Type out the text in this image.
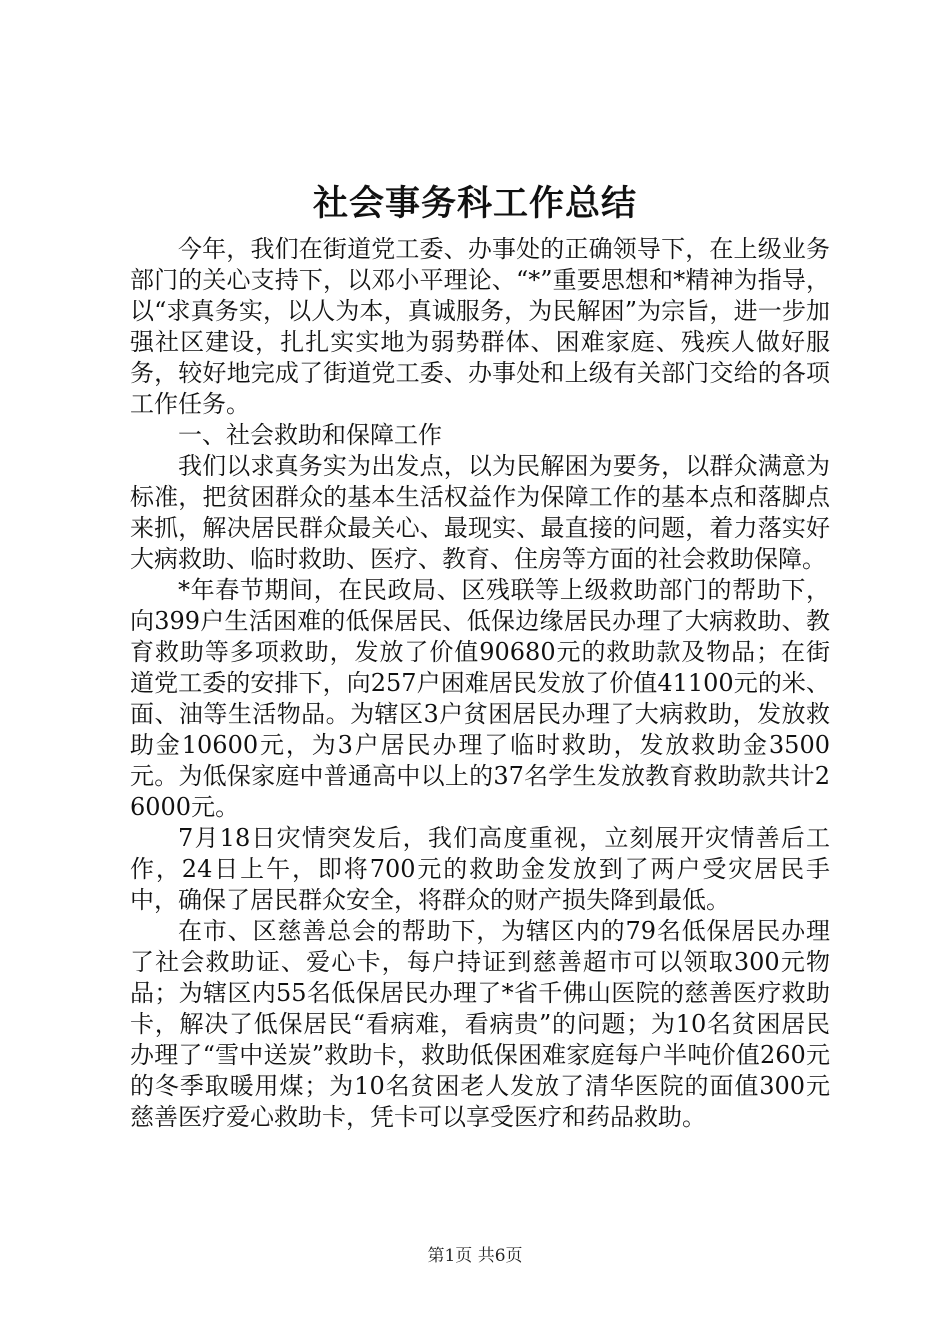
社会事务科工作总结

今年，我们在街道党工委、办事处的正确领导下，在上级业务部门的关心支持下，以邓小平理论、“*”重要思想和*精神为指导，以“求真务实，以人为本，真诚服务，为民解困”为宗旨，进一步加强社区建设，扎扎实实地为弱势群体、困难家庭、残疾人做好服务，较好地完成了街道党工委、办事处和上级有关部门交给的各项工作任务。

一、社会救助和保障工作

我们以求真务实为出发点，以为民解困为要务，以群众满意为标准，把贫困群众的基本生活权益作为保障工作的基本点和落脚点来抓，解决居民群众最关心、最现实、最直接的问题，着力落实好大病救助、临时救助、医疗、教育、住房等方面的社会救助保障。

*年春节期间，在民政局、区残联等上级救助部门的帮助下，向399户生活困难的低保居民、低保边缘居民办理了大病救助、教育救助等多项救助，发放了价值90680元的救助款及物品；在街道党工委的安排下，向257户困难居民发放了价值41100元的米、面、油等生活物品。为辖区3户贫困居民办理了大病救助，发放救助金10600元，为3户居民办理了临时救助，发放救助金3500元。为低保家庭中普通高中以上的37名学生发放教育救助款共计26000元。

7月18日灾情突发后，我们高度重视，立刻展开灾情善后工作，24日上午，即将700元的救助金发放到了两户受灾居民手中，确保了居民群众安全，将群众的财产损失降到最低。

在市、区慈善总会的帮助下，为辖区内的79名低保居民办理了社会救助证、爱心卡，每户持证到慈善超市可以领取300元物品；为辖区内55名低保居民办理了*省千佛山医院的慈善医疗救助卡，解决了低保居民“看病难，看病贵”的问题；为10名贫困居民办理了“雪中送炭”救助卡，救助低保困难家庭每户半吨价值260元的冬季取暖用煤；为10名贫困老人发放了清华医院的面值300元慈善医疗爱心救助卡，凭卡可以享受医疗和药品救助。

第1页 共6页
